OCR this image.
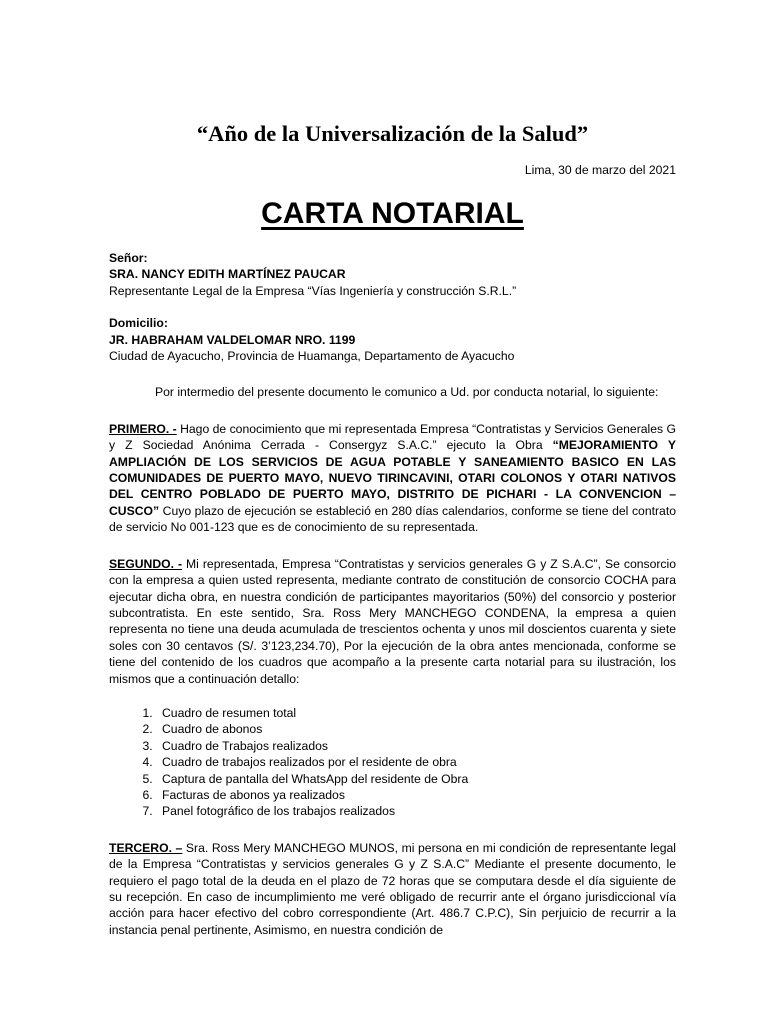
“Año de la Universalización de la Salud”
Lima, 30 de marzo del 2021
CARTA NOTARIAL
Señor:
SRA. NANCY EDITH MARTÍNEZ PAUCAR
Representante Legal de la Empresa “Vías Ingeniería y construcción S.R.L.”
Domicilio:
JR. HABRAHAM VALDELOMAR NRO. 1199
Ciudad de Ayacucho, Provincia de Huamanga, Departamento de Ayacucho

Por intermedio del presente documento le comunico a Ud. por conducta notarial, lo siguiente:

PRIMERO. - Hago de conocimiento que mi representada Empresa “Contratistas y Servicios Generales G y Z Sociedad Anónima Cerrada - Consergyz S.A.C.” ejecuto la Obra “MEJORAMIENTO Y AMPLIACIÓN DE LOS SERVICIOS DE AGUA POTABLE Y SANEAMIENTO BASICO EN LAS COMUNIDADES DE PUERTO MAYO, NUEVO TIRINCAVINI, OTARI COLONOS Y OTARI NATIVOS DEL CENTRO POBLADO DE PUERTO MAYO, DISTRITO DE PICHARI - LA CONVENCION – CUSCO” Cuyo plazo de ejecución se estableció en 280 días calendarios, conforme se tiene del contrato de servicio No 001-123 que es de conocimiento de su representada.

SEGUNDO. - Mi representada, Empresa “Contratistas y servicios generales G y Z S.A.C”, Se consorcio con la empresa a quien usted representa, mediante contrato de constitución de consorcio COCHA para ejecutar dicha obra, en nuestra condición de participantes mayoritarios (50%) del consorcio y posterior subcontratista. En este sentido, Sra. Ross Mery MANCHEGO CONDENA, la empresa a quien representa no tiene una deuda acumulada de trescientos ochenta y unos mil doscientos cuarenta y siete soles con 30 centavos (S/. 3’123,234.70), Por la ejecución de la obra antes mencionada, conforme se tiene del contenido de los cuadros que acompaño a la presente carta notarial para su ilustración, los mismos que a continuación detallo:

1. Cuadro de resumen total
2. Cuadro de abonos
3. Cuadro de Trabajos realizados
4. Cuadro de trabajos realizados por el residente de obra
5. Captura de pantalla del WhatsApp del residente de Obra
6. Facturas de abonos ya realizados
7. Panel fotográfico de los trabajos realizados

TERCERO. – Sra. Ross Mery MANCHEGO MUNOS, mi persona en mi condición de representante legal de la Empresa “Contratistas y servicios generales G y Z S.A.C” Mediante el presente documento, le requiero el pago total de la deuda en el plazo de 72 horas que se computara desde el día siguiente de su recepción. En caso de incumplimiento me veré obligado de recurrir ante el órgano jurisdiccional vía acción para hacer efectivo del cobro correspondiente (Art. 486.7 C.P.C), Sin perjuicio de recurrir a la instancia penal pertinente, Asimismo, en nuestra condición de
